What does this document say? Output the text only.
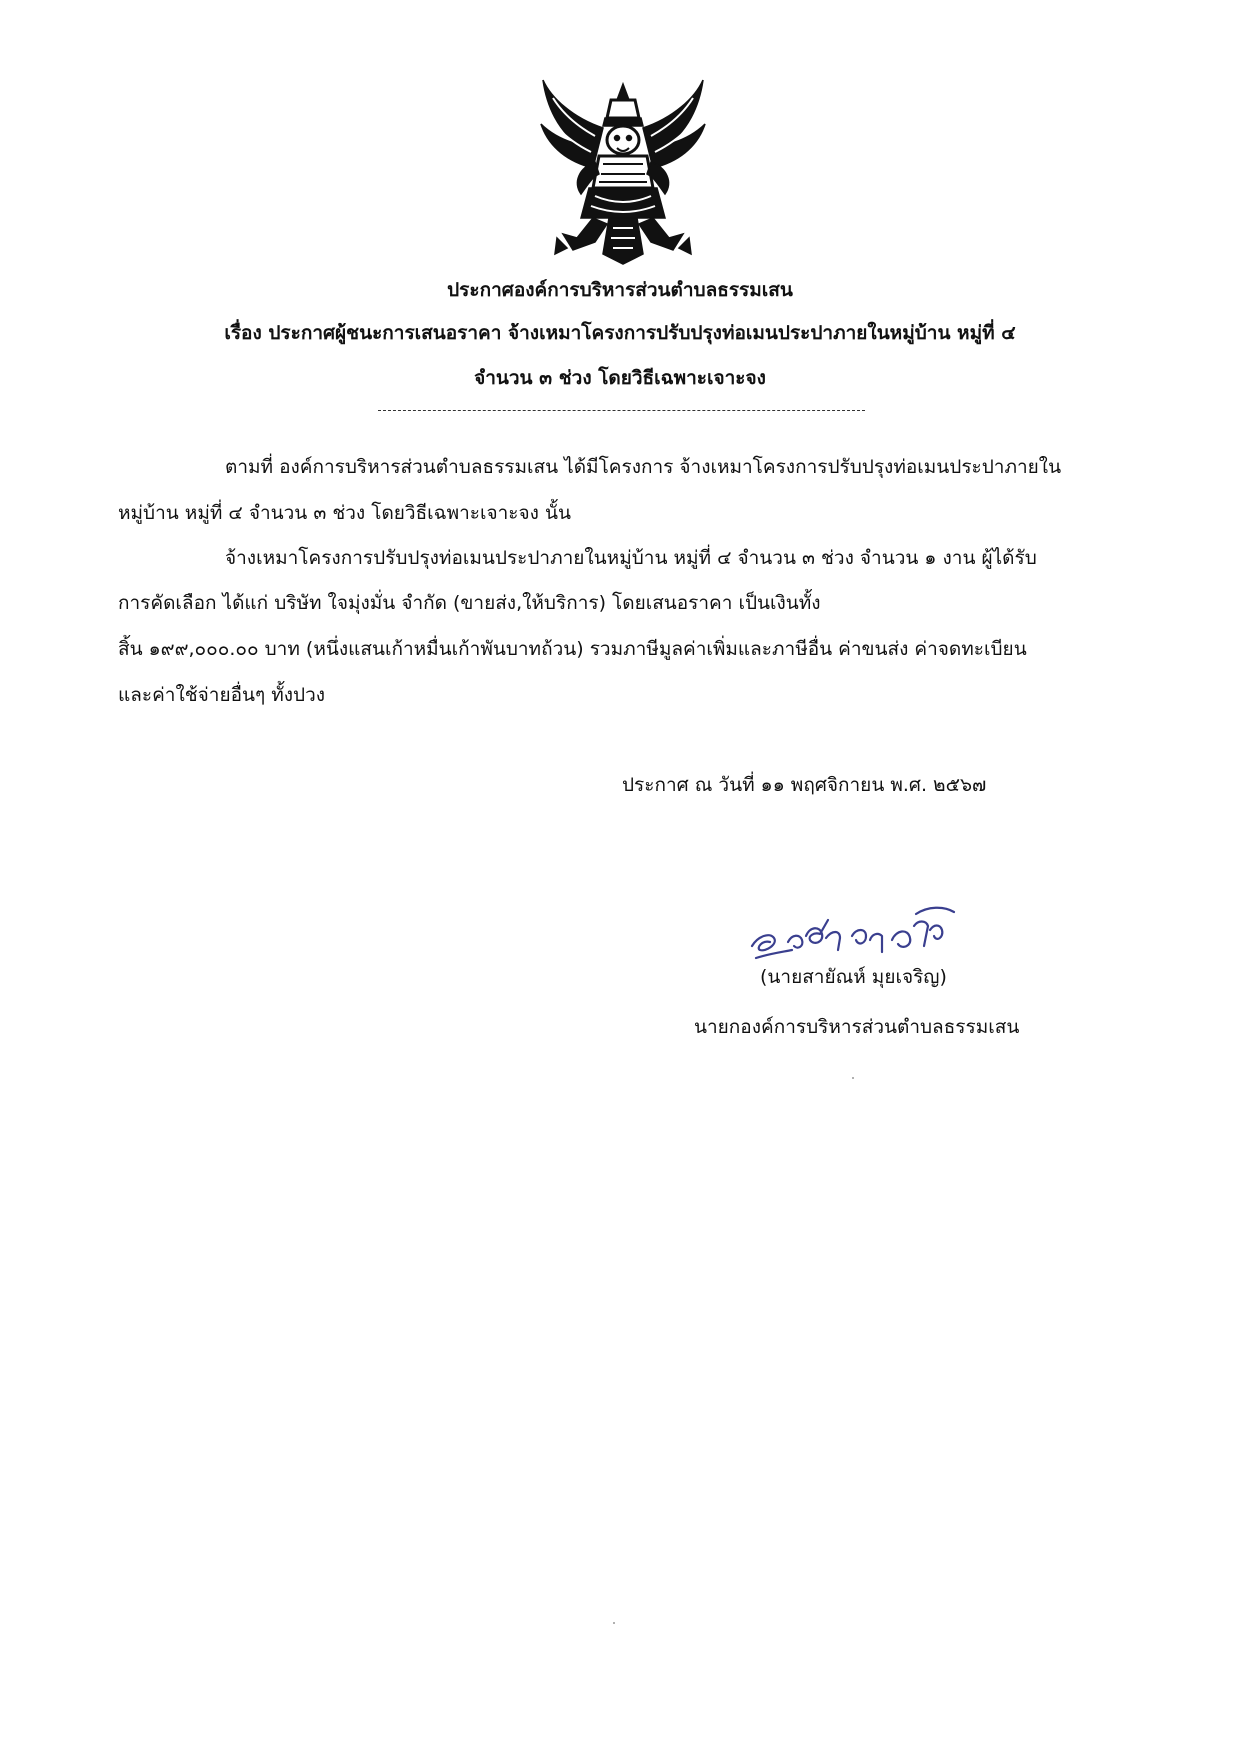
ประกาศองค์การบริหารส่วนตำบลธรรมเสน
เรื่อง ประกาศผู้ชนะการเสนอราคา จ้างเหมาโครงการปรับปรุงท่อเมนประปาภายในหมู่บ้าน หมู่ที่ ๔
จำนวน ๓ ช่วง โดยวิธีเฉพาะเจาะจง
ตามที่ องค์การบริหารส่วนตำบลธรรมเสน ได้มีโครงการ จ้างเหมาโครงการปรับปรุงท่อเมนประปาภายใน
หมู่บ้าน หมู่ที่ ๔ จำนวน ๓ ช่วง โดยวิธีเฉพาะเจาะจง นั้น
จ้างเหมาโครงการปรับปรุงท่อเมนประปาภายในหมู่บ้าน หมู่ที่ ๔ จำนวน ๓ ช่วง จำนวน ๑ งาน ผู้ได้รับ
การคัดเลือก ได้แก่ บริษัท ใจมุ่งมั่น จำกัด (ขายส่ง,ให้บริการ) โดยเสนอราคา เป็นเงินทั้ง
สิ้น ๑๙๙,๐๐๐.๐๐ บาท (หนึ่งแสนเก้าหมื่นเก้าพันบาทถ้วน) รวมภาษีมูลค่าเพิ่มและภาษีอื่น ค่าขนส่ง ค่าจดทะเบียน
และค่าใช้จ่ายอื่นๆ ทั้งปวง
ประกาศ ณ วันที่ ๑๑ พฤศจิกายน พ.ศ. ๒๕๖๗
(นายสายัณห์ มุยเจริญ)
นายกองค์การบริหารส่วนตำบลธรรมเสน
